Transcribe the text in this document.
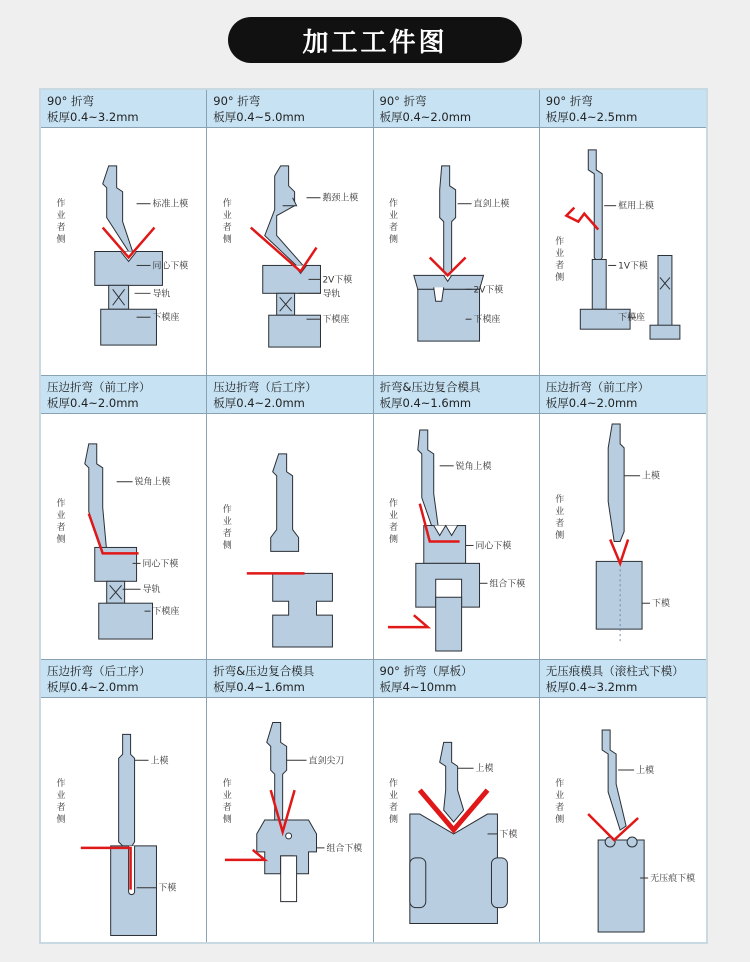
加工工件图
90° 折弯
板厚0.4~3.2mm
作
业
者
侧
标准上模
同心下模
导轨
下模座
90° 折弯
板厚0.4~5.0mm
作
业
者
侧
鹅颈上模
2V下模
导轨
下模座
90° 折弯
板厚0.4~2.0mm
作
业
者
侧
直剑上模
2V下模
下模座
90° 折弯
板厚0.4~2.5mm
作
业
者
侧
框用上模
1V下模
下模座
压边折弯（前工序）
板厚0.4~2.0mm
作
业
者
侧
锐角上模
同心下模
导轨
下模座
压边折弯（后工序）
板厚0.4~2.0mm
作
业
者
侧
折弯&压边复合模具
板厚0.4~1.6mm
作
业
者
侧
锐角上模
同心下模
组合下模
压边折弯（前工序）
板厚0.4~2.0mm
作
业
者
侧
上模
下模
压边折弯（后工序）
板厚0.4~2.0mm
作
业
者
侧
上模
下模
折弯&压边复合模具
板厚0.4~1.6mm
作
业
者
侧
直剑尖刀
组合下模
90° 折弯（厚板）
板厚4~10mm
作
业
者
侧
上模
下模
无压痕模具（滚柱式下模）
板厚0.4~3.2mm
作
业
者
侧
上模
无压痕下模
